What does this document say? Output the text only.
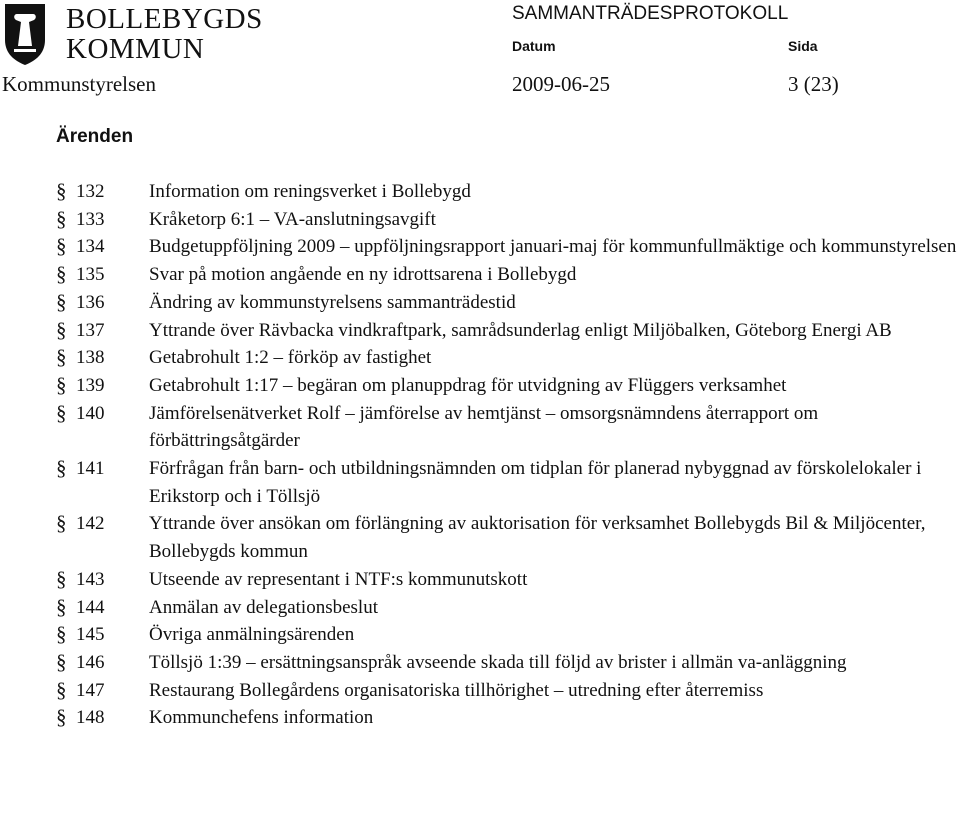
BOLLEBYGDS
KOMMUN
SAMMANTRÄDESPROTOKOLL
Datum	Sida
Kommunstyrelsen	2009-06-25	3 (23)
Ärenden
§ 132 Information om reningsverket i Bollebygd
§ 133 Kråketorp 6:1 – VA-anslutningsavgift
§ 134 Budgetuppföljning 2009 – uppföljningsrapport januari-maj för kommunfullmäktige och kommunstyrelsen
§ 135 Svar på motion angående en ny idrottsarena i Bollebygd
§ 136 Ändring av kommunstyrelsens sammanträdestid
§ 137 Yttrande över Rävbacka vindkraftpark, samrådsunderlag enligt Miljöbalken, Göteborg Energi AB
§ 138 Getabrohult 1:2 – förköp av fastighet
§ 139 Getabrohult 1:17 – begäran om planuppdrag för utvidgning av Flüggers verksamhet
§ 140 Jämförelsenätverket Rolf – jämförelse av hemtjänst – omsorgsnämndens återrapport om förbättringsåtgärder
§ 141 Förfrågan från barn- och utbildningsnämnden om tidplan för planerad nybyggnad av förskolelokaler i Erikstorp och i Töllsjö
§ 142 Yttrande över ansökan om förlängning av auktorisation för verksamhet Bollebygds Bil & Miljöcenter, Bollebygds kommun
§ 143 Utseende av representant i NTF:s kommunutskott
§ 144 Anmälan av delegationsbeslut
§ 145 Övriga anmälningsärenden
§ 146 Töllsjö 1:39 – ersättningsanspråk avseende skada till följd av brister i allmän va-anläggning
§ 147 Restaurang Bollegårdens organisatoriska tillhörighet – utredning efter återremiss
§ 148 Kommunchefens information
